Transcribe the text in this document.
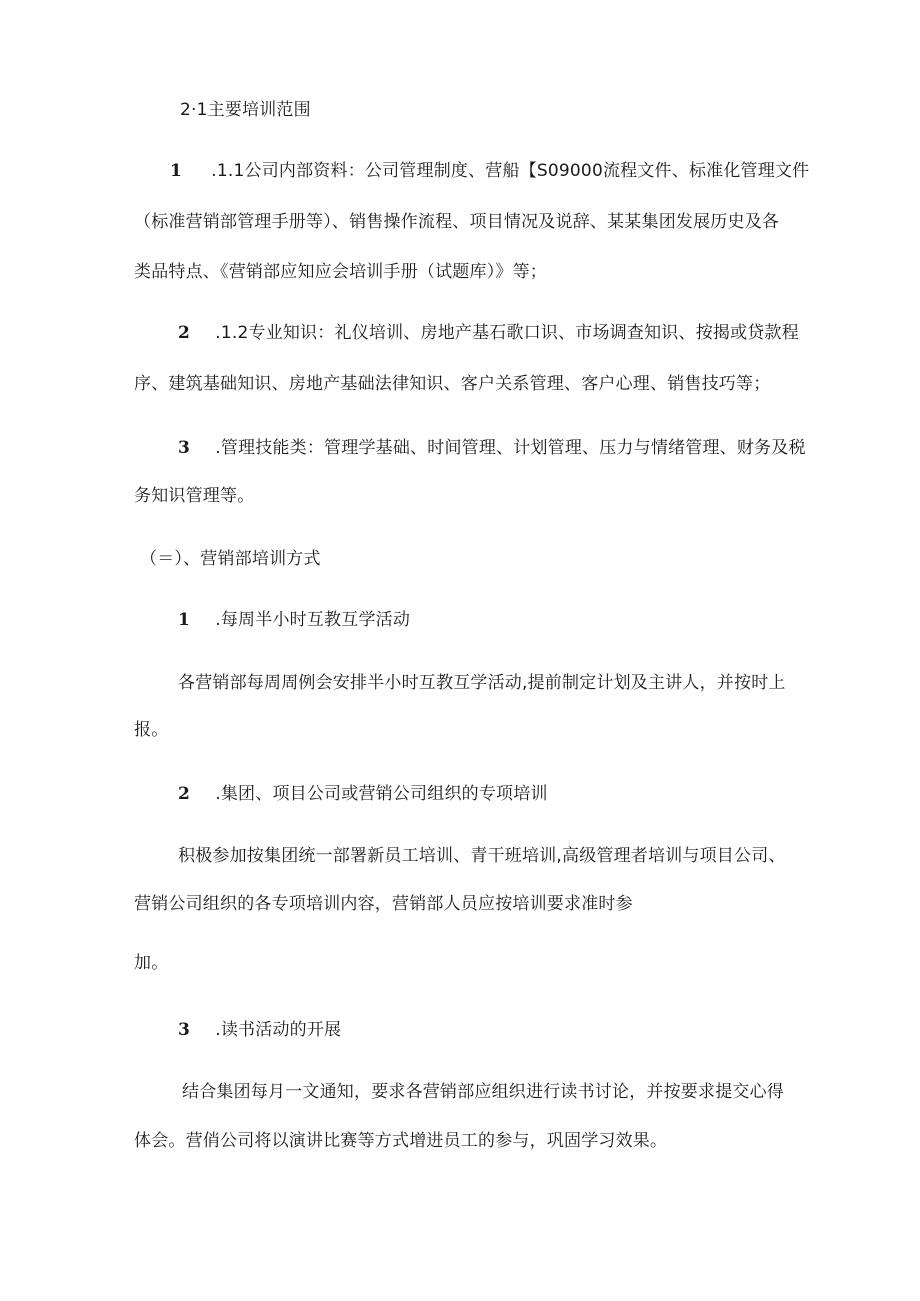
2·1主要培训范围
1 .1.1公司内部资料：公司管理制度、营船【S09000流程文件、标准化管理文件
（标准营销部管理手册等）、销售操作流程、项目情况及说辞、某某集团发展历史及各
类品特点、《营销部应知应会培训手册（试题库）》等；
2 .1.2专业知识：礼仪培训、房地产基石歌口识、市场调查知识、按揭或贷款程
序、建筑基础知识、房地产基础法律知识、客户关系管理、客户心理、销售技巧等；
3 .管理技能类：管理学基础、时间管理、计划管理、压力与情绪管理、财务及税
务知识管理等。
（＝）、营销部培训方式
1 .每周半小时互教互学活动
各营销部每周周例会安排半小时互教互学活动,提前制定计划及主讲人，并按时上
报。
2 .集团、项目公司或营销公司组织的专项培训
积极参加按集团统一部署新员工培训、青干班培训,高级管理者培训与项目公司、
营销公司组织的各专项培训内容，营销部人员应按培训要求准时参
加。
3 .读书活动的开展
结合集团每月一文通知，要求各营销部应组织进行读书讨论，并按要求提交心得
体会。营俏公司将以演讲比赛等方式增进员工的参与，巩固学习效果。
